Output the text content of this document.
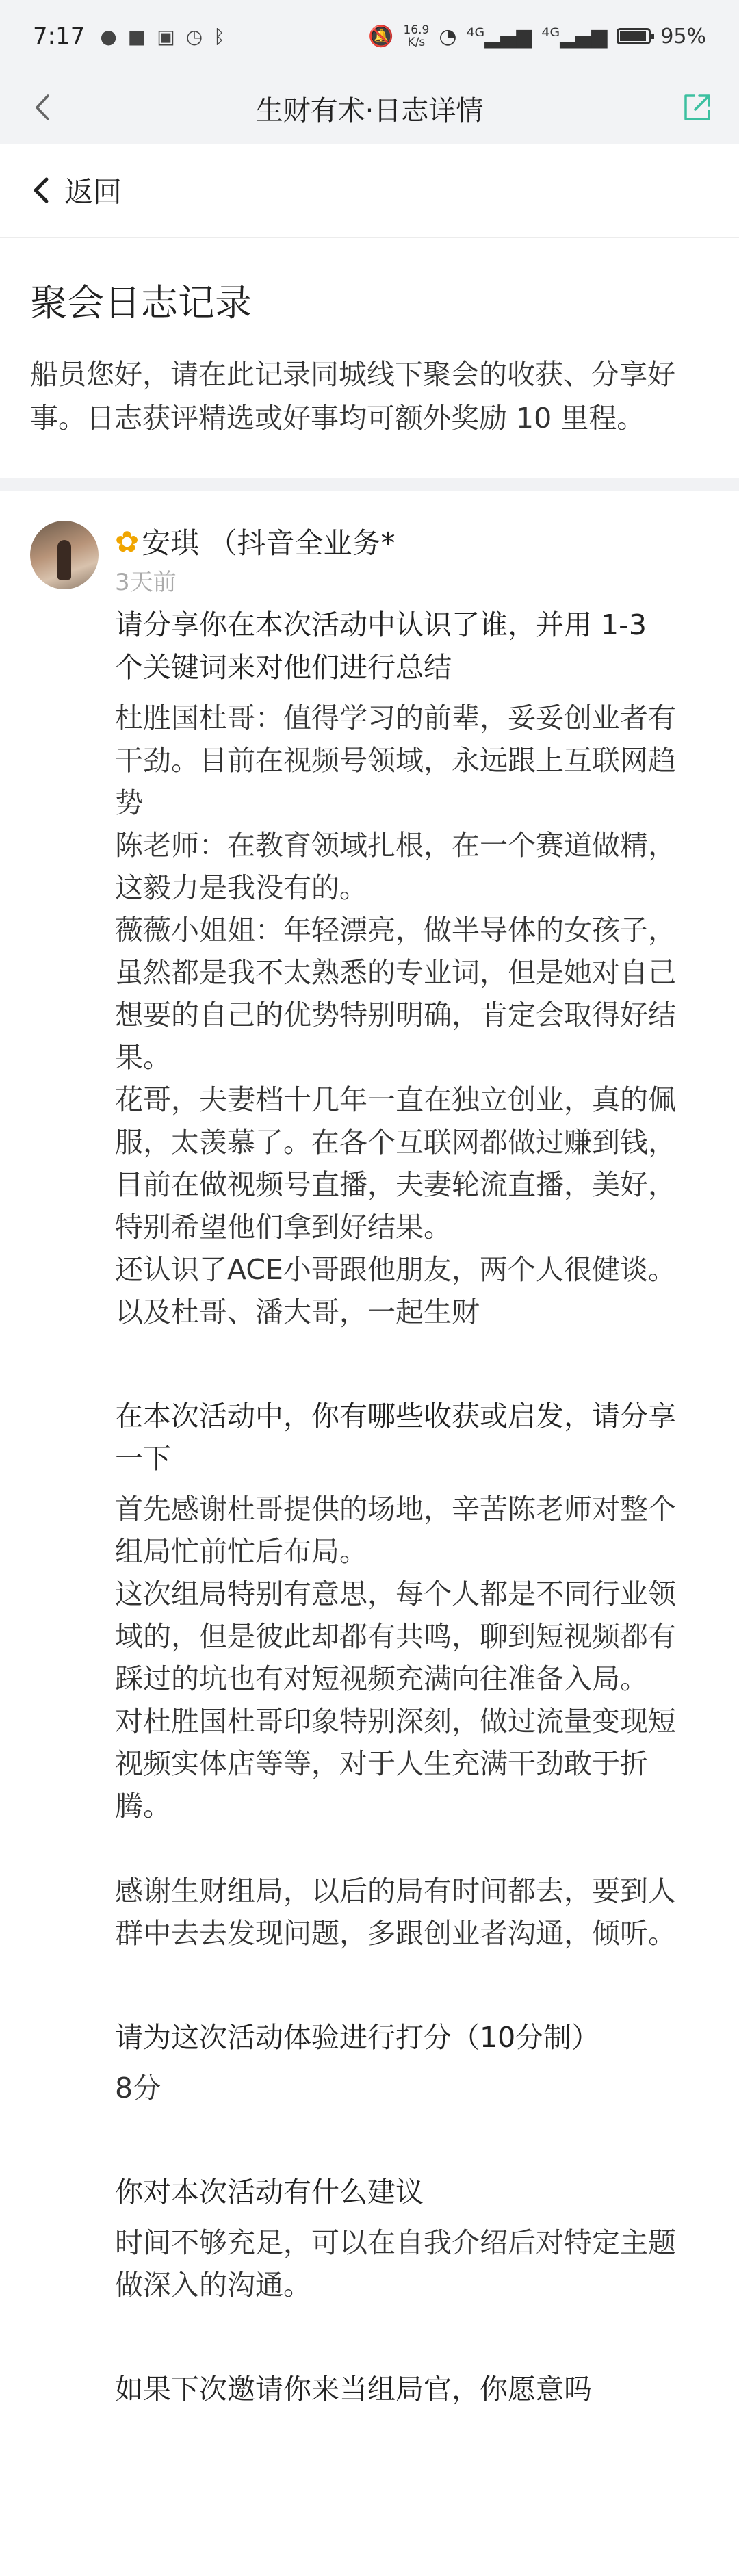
7:17 ● ■ ▣ ◷ ᛒ	🔕 16.9
K/s ◔ ⁴ᴳ▂▄▆ ⁴ᴳ▂▄▆	95%
生财有术·日志详情
返回
聚会日志记录

船员您好，请在此记录同城线下聚会的收获、分享好事。日志获评精选或好事均可额外奖励 10 里程。

✿ 安琪 （抖音全业务*
3天前

请分享你在本次活动中认识了谁，并用 1-3 个关键词来对他们进行总结

杜胜国杜哥：值得学习的前辈，妥妥创业者有干劲。目前在视频号领域，永远跟上互联网趋势
陈老师：在教育领域扎根，在一个赛道做精，这毅力是我没有的。
薇薇小姐姐：年轻漂亮，做半导体的女孩子，虽然都是我不太熟悉的专业词，但是她对自己想要的自己的优势特别明确，肯定会取得好结果。
花哥，夫妻档十几年一直在独立创业，真的佩服，太羡慕了。在各个互联网都做过赚到钱，目前在做视频号直播，夫妻轮流直播，美好，特别希望他们拿到好结果。
还认识了ACE小哥跟他朋友，两个人很健谈。
以及杜哥、潘大哥，一起生财

在本次活动中，你有哪些收获或启发，请分享一下

首先感谢杜哥提供的场地，辛苦陈老师对整个组局忙前忙后布局。
这次组局特别有意思，每个人都是不同行业领域的，但是彼此却都有共鸣，聊到短视频都有踩过的坑也有对短视频充满向往准备入局。
对杜胜国杜哥印象特别深刻，做过流量变现短视频实体店等等，对于人生充满干劲敢于折腾。

感谢生财组局，以后的局有时间都去，要到人群中去去发现问题，多跟创业者沟通，倾听。

请为这次活动体验进行打分（10分制）

8分

你对本次活动有什么建议

时间不够充足，可以在自我介绍后对特定主题做深入的沟通。

如果下次邀请你来当组局官，你愿意吗
